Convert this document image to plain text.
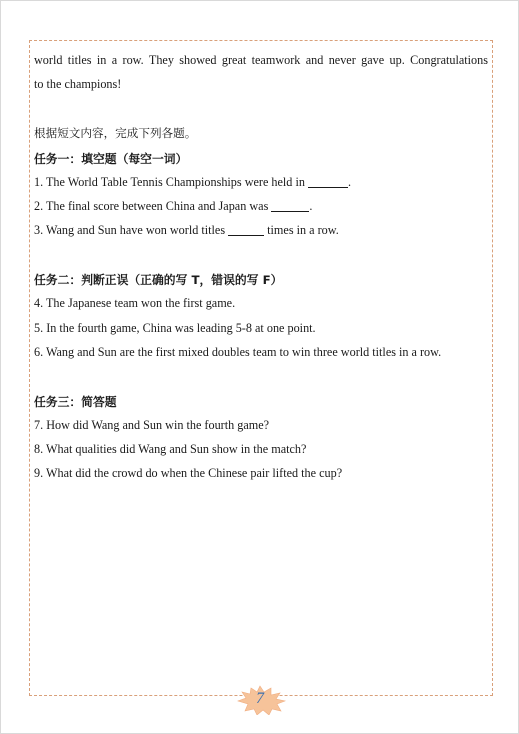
world titles in a row. They showed great teamwork and never gave up. Congratulations
to the champions!
根据短文内容，完成下列各题。
任务一：填空题（每空一词）
1. The World Table Tennis Championships were held in	.
2. The final score between China and Japan was	.
3. Wang and Sun have won world titles	times in a row.
任务二：判断正误（正确的写 T，错误的写 F）
4. The Japanese team won the first game.
5. In the fourth game, China was leading 5-8 at one point.
6. Wang and Sun are the first mixed doubles team to win three world titles in a row.
任务三：简答题
7. How did Wang and Sun win the fourth game?
8. What qualities did Wang and Sun show in the match?
9. What did the crowd do when the Chinese pair lifted the cup?
7
